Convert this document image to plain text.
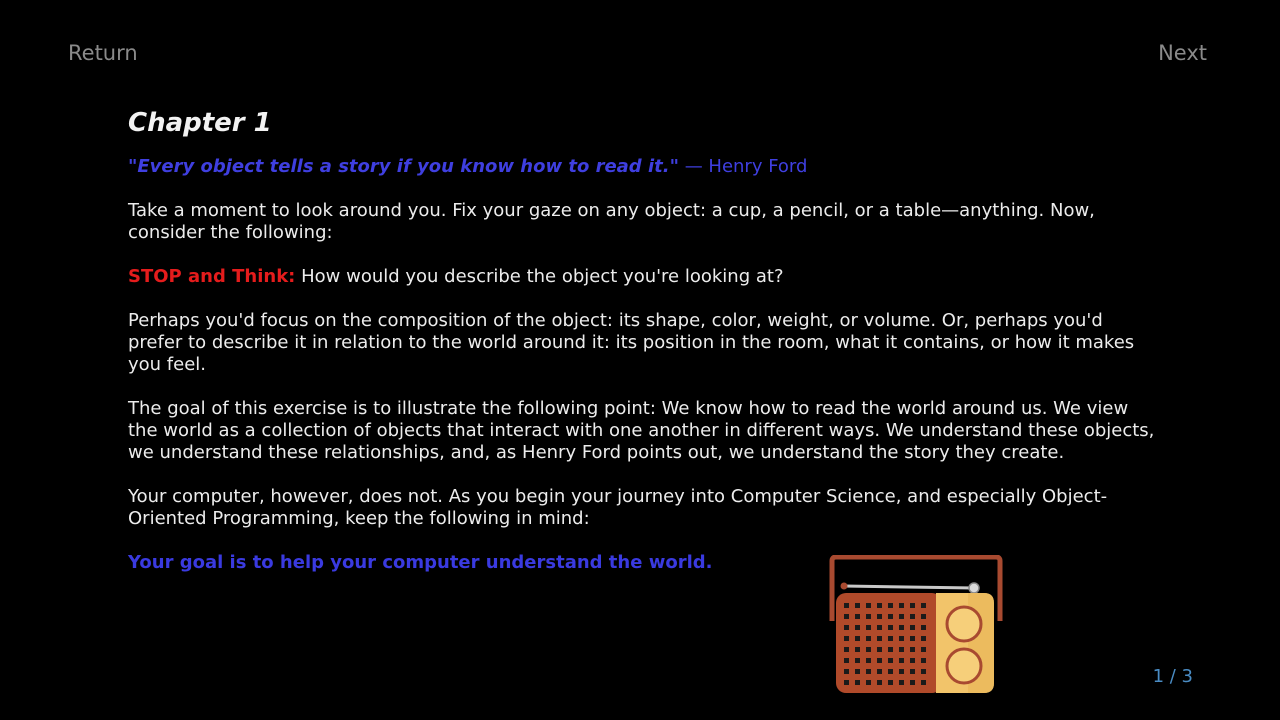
Return	Next
Chapter 1
"Every object tells a story if you know how to read it." — Henry Ford
Take a moment to look around you. Fix your gaze on any object: a cup, a pencil, or a table—anything. Now, consider the following:
STOP and Think: How would you describe the object you're looking at?
Perhaps you'd focus on the composition of the object: its shape, color, weight, or volume. Or, perhaps you'd prefer to describe it in relation to the world around it: its position in the room, what it contains, or how it makes you feel.
The goal of this exercise is to illustrate the following point: We know how to read the world around us. We view the world as a collection of objects that interact with one another in different ways. We understand these objects, we understand these relationships, and, as Henry Ford points out, we understand the story they create.
Your computer, however, does not. As you begin your journey into Computer Science, and especially Object-Oriented Programming, keep the following in mind:
Your goal is to help your computer understand the world.
1 / 3
